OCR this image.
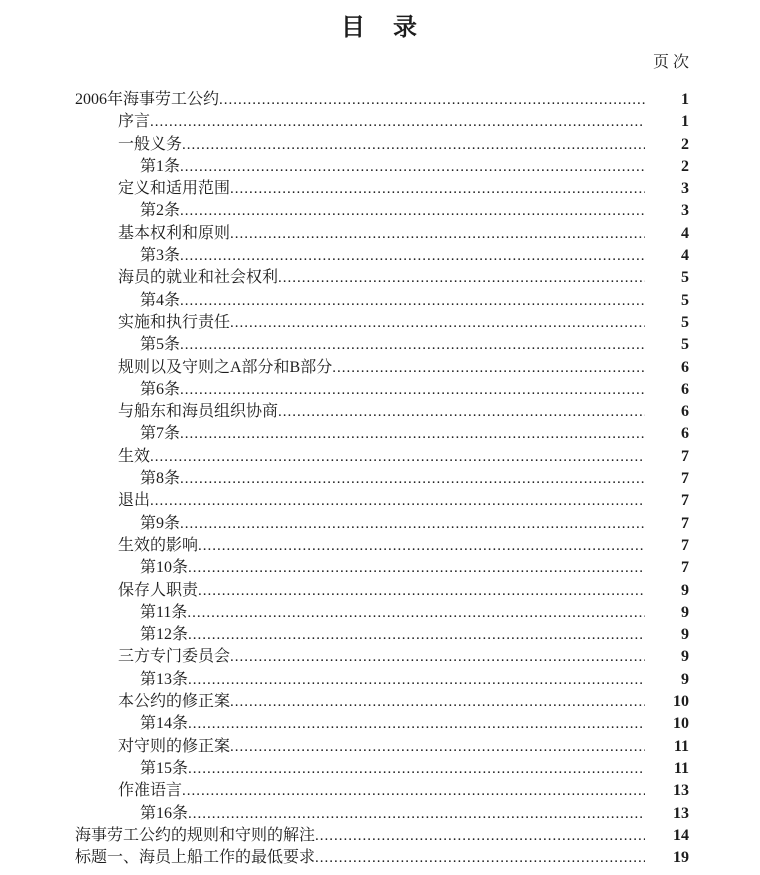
目　录
页次
2006年海事劳工公约 .....	1
序言 .....	1
一般义务 .....	2
第1条 .....	2
定义和适用范围 .....	3
第2条 .....	3
基本权利和原则 .....	4
第3条 .....	4
海员的就业和社会权利 .....	5
第4条 .....	5
实施和执行责任 .....	5
第5条 .....	5
规则以及守则之A部分和B部分 .....	6
第6条 .....	6
与船东和海员组织协商 .....	6
第7条 .....	6
生效 .....	7
第8条 .....	7
退出 .....	7
第9条 .....	7
生效的影响 .....	7
第10条 .....	7
保存人职责 .....	9
第11条 .....	9
第12条 .....	9
三方专门委员会 .....	9
第13条 .....	9
本公约的修正案 .....	10
第14条 .....	10
对守则的修正案 .....	11
第15条 .....	11
作准语言 .....	13
第16条 .....	13
海事劳工公约的规则和守则的解注 .....	14
标题一、海员上船工作的最低要求 .....	19
